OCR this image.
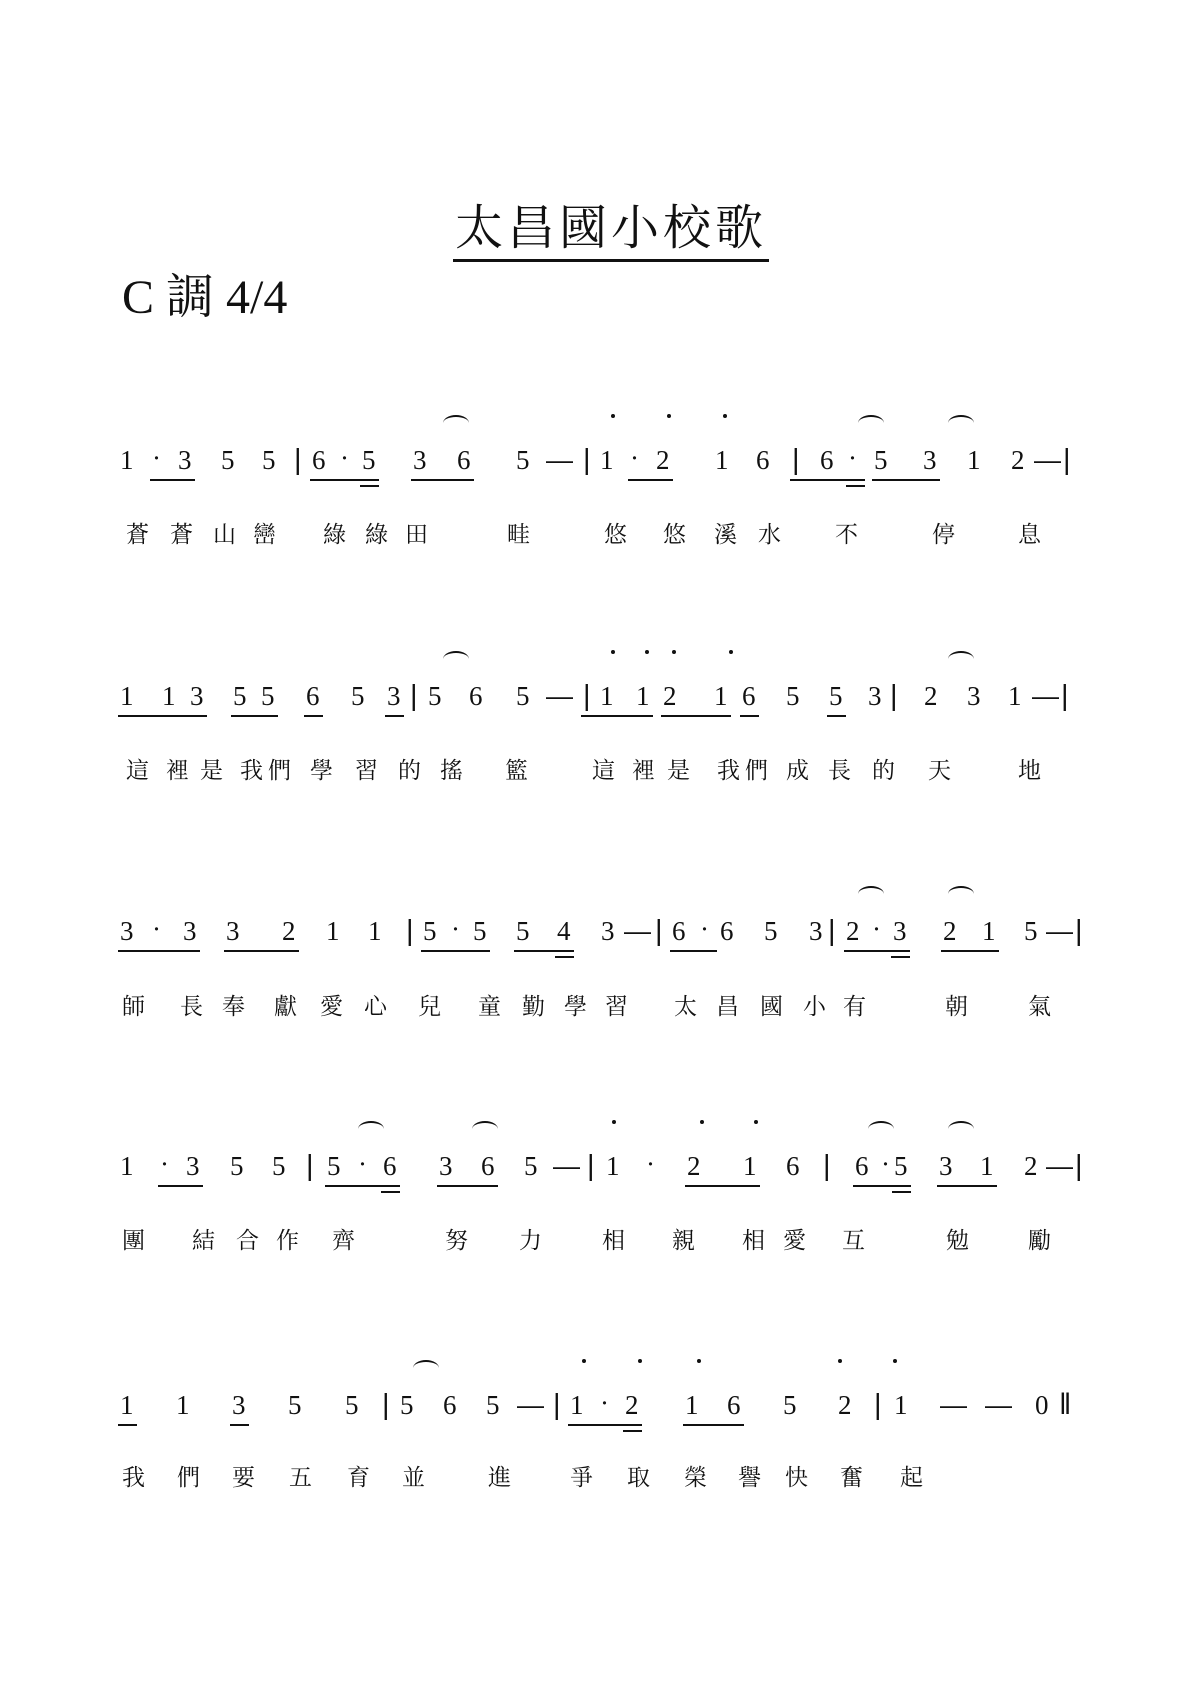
太昌國小校歌
C 調 4/4
1 · 3 5 5 | 6 · 5 3 6 5 — | 1 · 2 1 6 | 6 · 5 3 1 2 — |
蒼 蒼 山 巒 綠 綠 田	畦	悠 悠 溪 水 不	停	息
1 1 3 5 5 6 5 3 | 5 6 5 — | 1 1 2 1 6 5 5 3 | 2 3 1 — |
這 裡 是 我 們 學 習 的 搖 籃	這 裡 是 我 們 成 長 的 天	地
3 · 3 3 2 1 1 | 5 · 5 5 4 3 — | 6 · 6 5 3 | 2 · 3 2 1 5 — |
師 長 奉 獻 愛 心 兒 童 勤 學 習 太 昌 國 小 有	朝	氣
1 · 3 5 5 | 5 · 6 3 6 5 — | 1 · 2 1 6 | 6 · 5 3 1 2 — |
團 結 合 作 齊	努 力	相 親 相 愛 互	勉	勵
1 1 3 5 5 | 5 6 5 — | 1 · 2 1 6 5 2 | 1 — — 0 ‖
我 們 要 五 育 並	進	爭 取 榮 譽 快 奮 起
